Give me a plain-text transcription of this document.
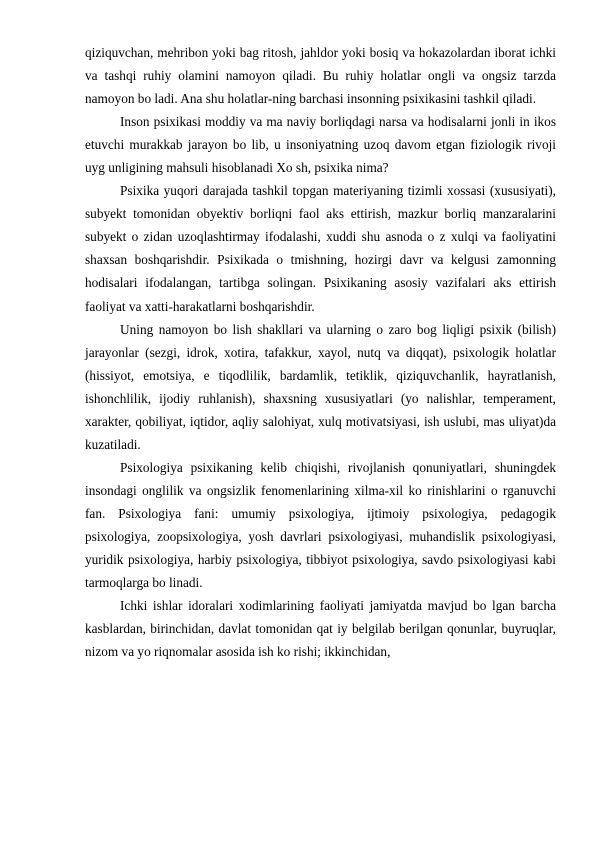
qiziquvchan, mehribon yoki bag ritosh, jahldor yoki bosiq va hokazolardan iborat ichki va tashqi ruhiy olamini namoyon qiladi. Bu ruhiy holatlar ongli va ongsiz tarzda namoyon bo ladi. Ana shu holatlar-ning barchasi insonning psixikasini tashkil qiladi.

Inson psixikasi moddiy va ma naviy borliqdagi narsa va hodisalarni jonli in ikos etuvchi murakkab jarayon bo lib, u insoniyatning uzoq davom etgan fiziologik rivoji uyg unligining mahsuli hisoblanadi Xo sh, psixika nima?

Psixika yuqori darajada tashkil topgan materiyaning tizimli xossasi (xususiyati), subyekt tomonidan obyektiv borliqni faol aks ettirish, mazkur borliq manzaralarini subyekt o zidan uzoqlashtirmay ifodalashi, xuddi shu asnoda o z xulqi va faoliyatini shaxsan boshqarishdir. Psixikada o tmishning, hozirgi davr va kelgusi zamonning hodisalari ifodalangan, tartibga solingan. Psixikaning asosiy vazifalari aks ettirish faoliyat va xatti-harakatlarni boshqarishdir.

Uning namoyon bo lish shakllari va ularning o zaro bog liqligi psixik (bilish) jarayonlar (sezgi, idrok, xotira, tafakkur, xayol, nutq va diqqat), psixologik holatlar (hissiyot, emotsiya, e tiqodlilik, bardamlik, tetiklik, qiziquvchanlik, hayratlanish, ishonchlilik, ijodiy ruhlanish), shaxsning xususiyatlari (yo nalishlar, temperament, xarakter, qobiliyat, iqtidor, aqliy salohiyat, xulq motivatsiyasi, ish uslubi, mas uliyat)da kuzatiladi.

Psixologiya psixikaning kelib chiqishi, rivojlanish qonuniyatlari, shuningdek insondagi onglilik va ongsizlik fenomenlarining xilma-xil ko rinishlarini o rganuvchi fan. Psixologiya fani: umumiy psixologiya, ijtimoiy psixologiya, pedagogik psixologiya, zoopsixologiya, yosh davrlari psixologiyasi, muhandislik psixologiyasi, yuridik psixologiya, harbiy psixologiya, tibbiyot psixologiya, savdo psixologiyasi kabi tarmoqlarga bo linadi.

Ichki ishlar idoralari xodimlarining faoliyati jamiyatda mavjud bo lgan barcha kasblardan, birinchidan, davlat tomonidan qat iy belgilab berilgan qonunlar, buyruqlar, nizom va yo riqnomalar asosida ish ko rishi; ikkinchidan,
